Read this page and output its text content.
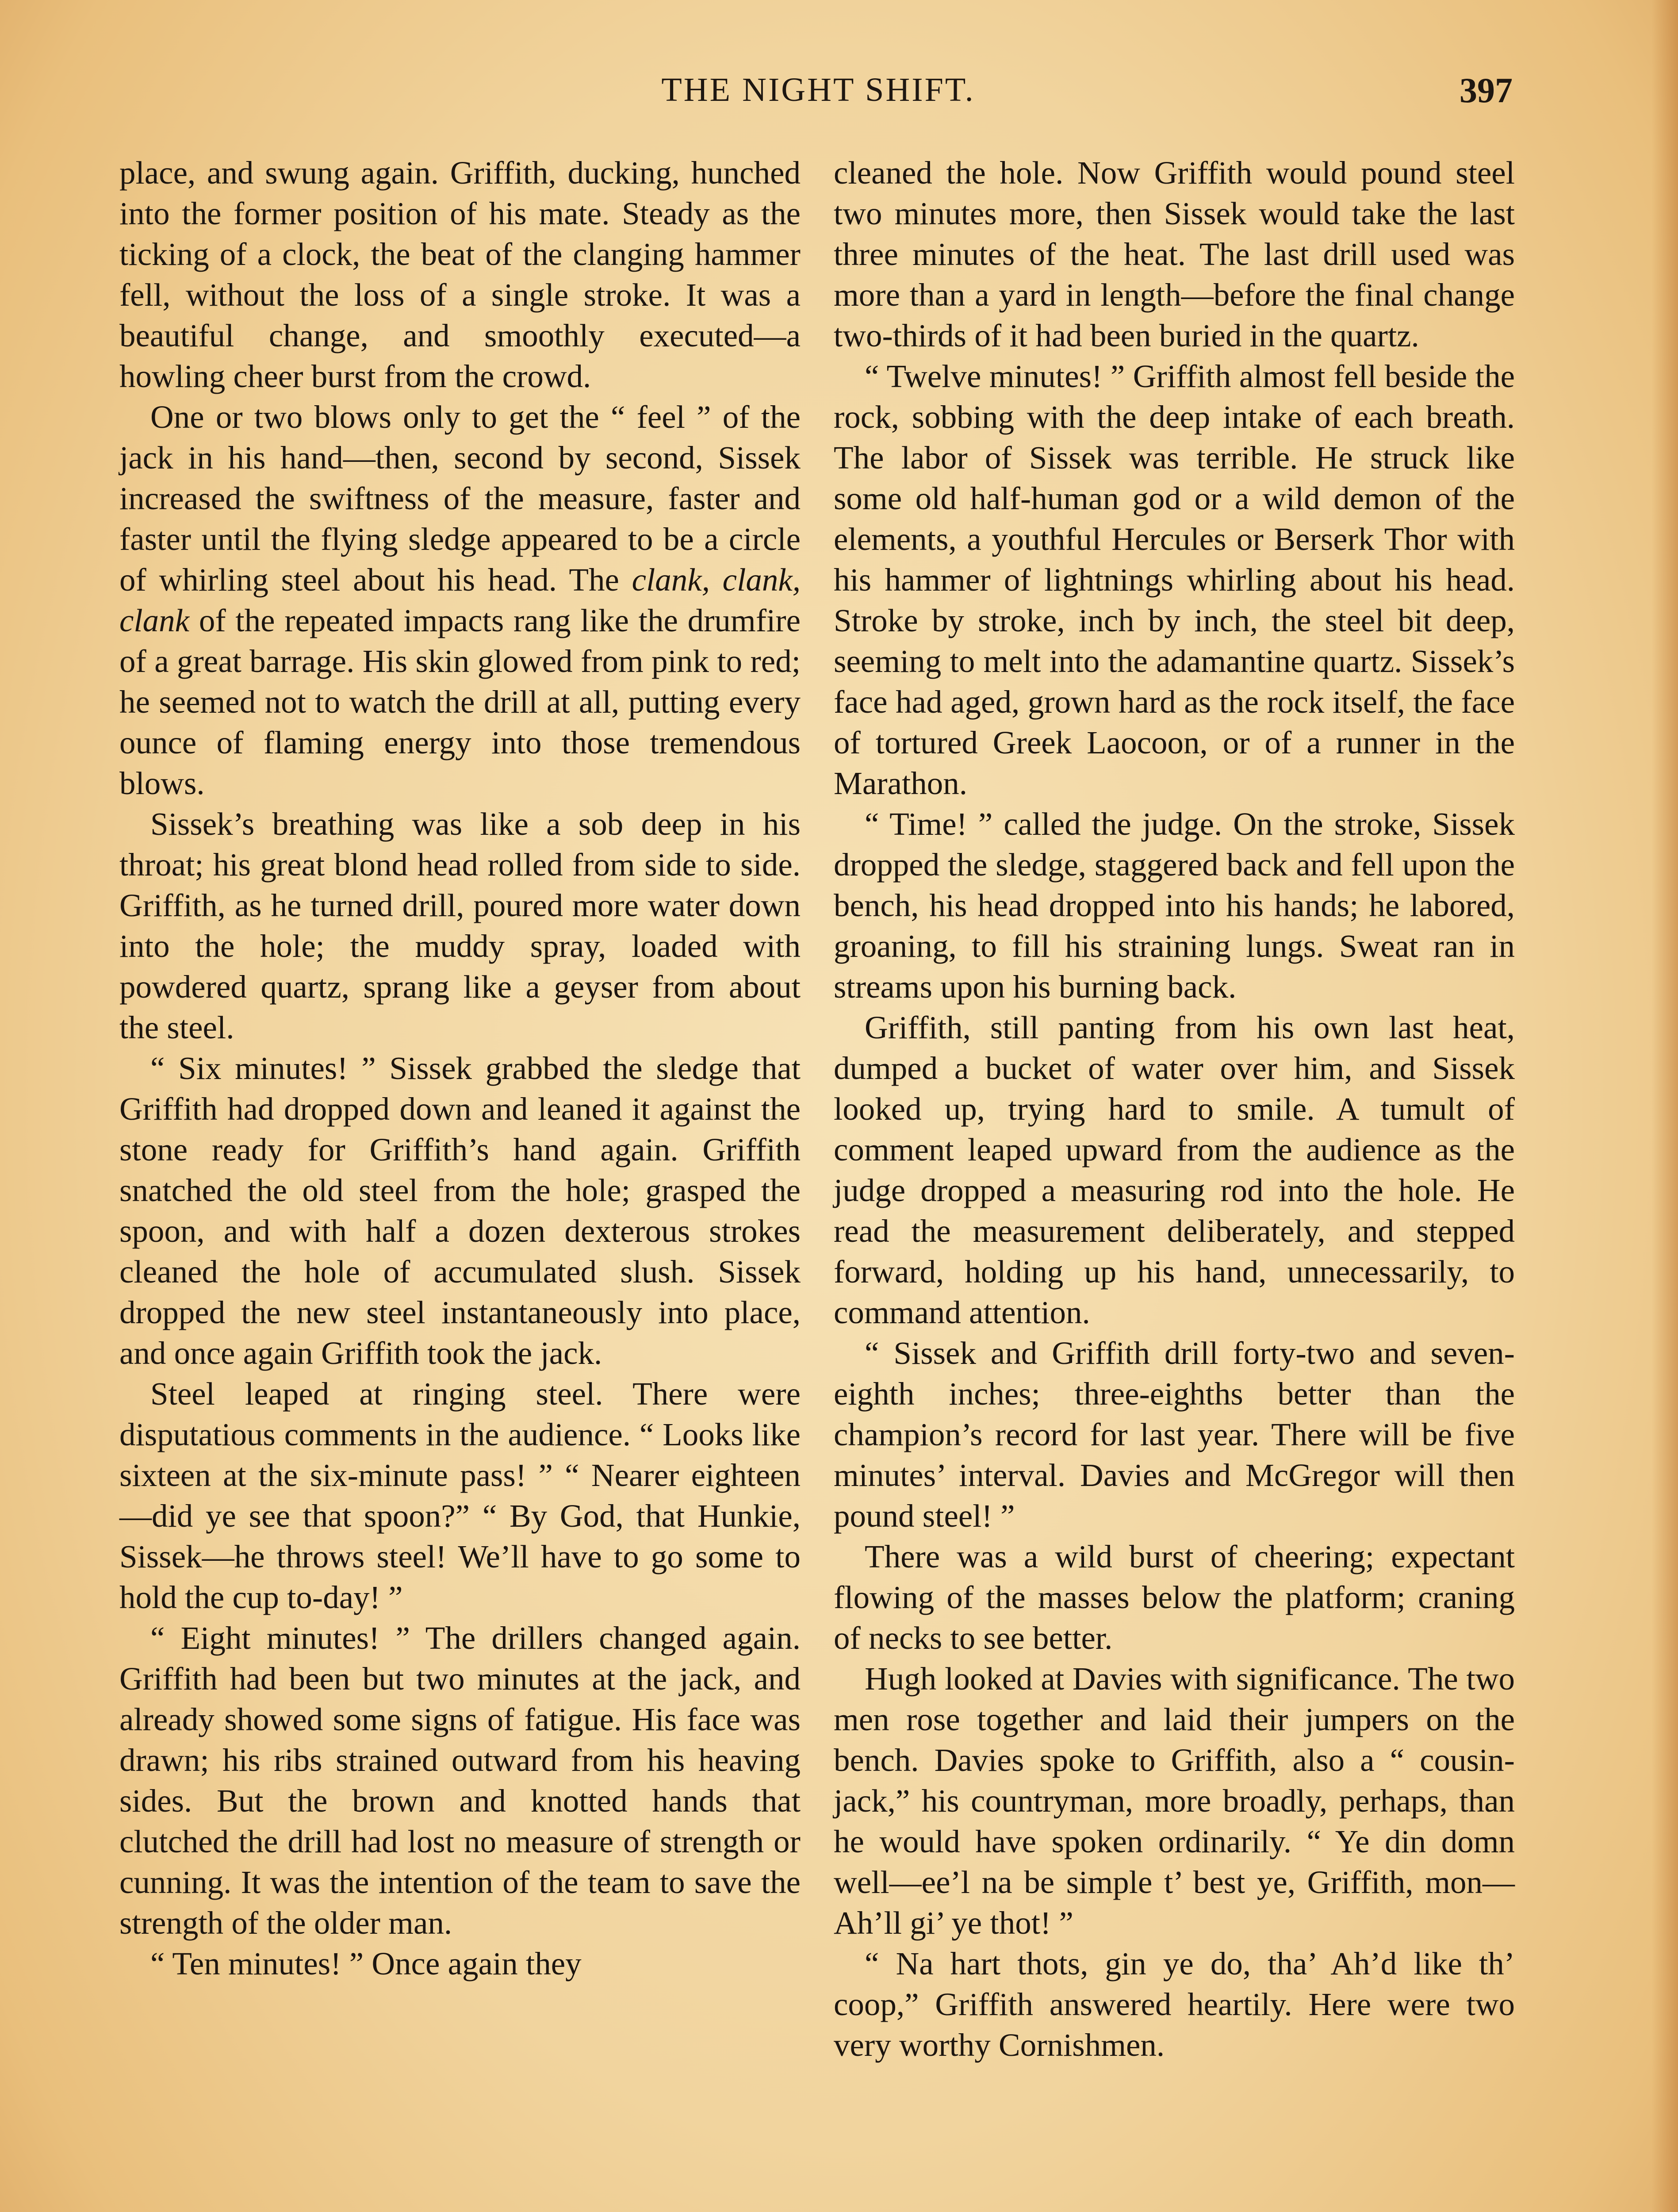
THE NIGHT SHIFT.	397

place, and swung again. Griffith, ducking, hunched into the former position of his mate. Steady as the ticking of a clock, the beat of the clanging hammer fell, without the loss of a single stroke. It was a beautiful change, and smoothly executed—a howling cheer burst from the crowd.

One or two blows only to get the “ feel ” of the jack in his hand—then, second by second, Sissek increased the swiftness of the measure, faster and faster until the flying sledge appeared to be a circle of whirling steel about his head. The clank, clank, clank of the repeated impacts rang like the drumfire of a great barrage. His skin glowed from pink to red; he seemed not to watch the drill at all, putting every ounce of flaming energy into those tremendous blows.

Sissek’s breathing was like a sob deep in his throat; his great blond head rolled from side to side. Griffith, as he turned drill, poured more water down into the hole; the muddy spray, loaded with powdered quartz, sprang like a geyser from about the steel.

“ Six minutes! ” Sissek grabbed the sledge that Griffith had dropped down and leaned it against the stone ready for Griffith’s hand again. Griffith snatched the old steel from the hole; grasped the spoon, and with half a dozen dexterous strokes cleaned the hole of accumulated slush. Sissek dropped the new steel instantaneously into place, and once again Griffith took the jack.

Steel leaped at ringing steel. There were disputatious comments in the audience. “ Looks like sixteen at the six-minute pass! ” “ Nearer eighteen—did ye see that spoon?” “ By God, that Hunkie, Sissek—he throws steel! We’ll have to go some to hold the cup to-day! ”

“ Eight minutes! ” The drillers changed again. Griffith had been but two minutes at the jack, and already showed some signs of fatigue. His face was drawn; his ribs strained outward from his heaving sides. But the brown and knotted hands that clutched the drill had lost no measure of strength or cunning. It was the intention of the team to save the strength of the older man.

“ Ten minutes! ” Once again they

cleaned the hole. Now Griffith would pound steel two minutes more, then Sissek would take the last three minutes of the heat. The last drill used was more than a yard in length—before the final change two-thirds of it had been buried in the quartz.

“ Twelve minutes! ” Griffith almost fell beside the rock, sobbing with the deep intake of each breath. The labor of Sissek was terrible. He struck like some old half-human god or a wild demon of the elements, a youthful Hercules or Berserk Thor with his hammer of lightnings whirling about his head. Stroke by stroke, inch by inch, the steel bit deep, seeming to melt into the adamantine quartz. Sissek’s face had aged, grown hard as the rock itself, the face of tortured Greek Laocoon, or of a runner in the Marathon.

“ Time! ” called the judge. On the stroke, Sissek dropped the sledge, staggered back and fell upon the bench, his head dropped into his hands; he labored, groaning, to fill his straining lungs. Sweat ran in streams upon his burning back.

Griffith, still panting from his own last heat, dumped a bucket of water over him, and Sissek looked up, trying hard to smile. A tumult of comment leaped upward from the audience as the judge dropped a measuring rod into the hole. He read the measurement deliberately, and stepped forward, holding up his hand, unnecessarily, to command attention.

“ Sissek and Griffith drill forty-two and seven-eighth inches; three-eighths better than the champion’s record for last year. There will be five minutes’ interval. Davies and McGregor will then pound steel! ”

There was a wild burst of cheering; expectant flowing of the masses below the platform; craning of necks to see better.

Hugh looked at Davies with significance. The two men rose together and laid their jumpers on the bench. Davies spoke to Griffith, also a “ cousin-jack,” his countryman, more broadly, perhaps, than he would have spoken ordinarily. “ Ye din domn well—ee’l na be simple t’ best ye, Griffith, mon—Ah’ll gi’ ye thot! ”

“ Na hart thots, gin ye do, tha’ Ah’d like th’ coop,” Griffith answered heartily. Here were two very worthy Cornishmen.
